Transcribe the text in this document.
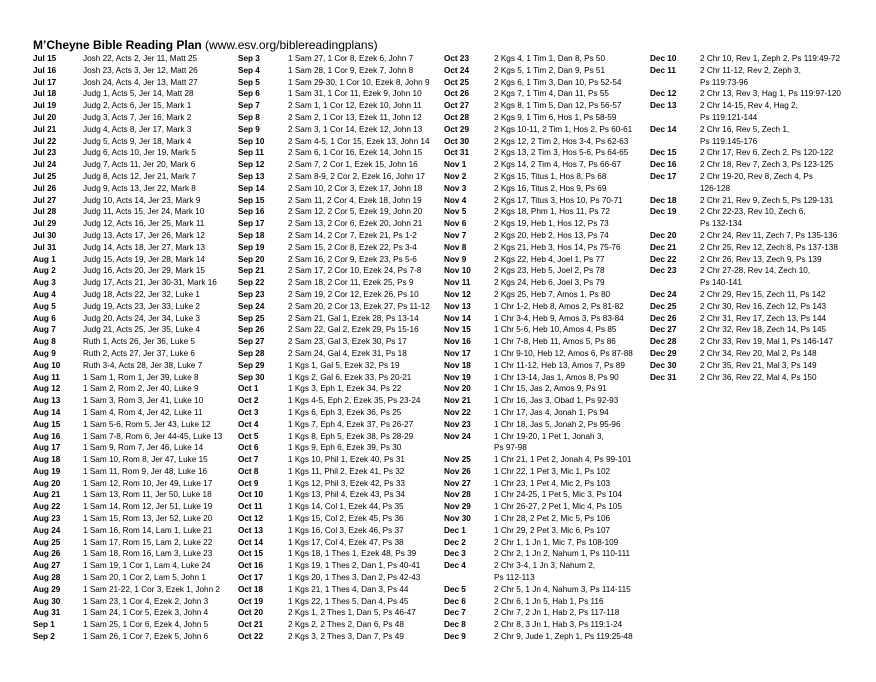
M’Cheyne Bible Reading Plan (www.esv.org/biblereadingplans)
Jul 15	Josh 22, Acts 2, Jer 11, Matt 25
Jul 16	Josh 23, Acts 3, Jer 12, Matt 26
Jul 17	Josh 24, Acts 4, Jer 13, Matt 27
Jul 18	Judg 1, Acts 5, Jer 14, Matt 28
Jul 19	Judg 2, Acts 6, Jer 15, Mark 1
Jul 20	Judg 3, Acts 7, Jer 16, Mark 2
Jul 21	Judg 4, Acts 8, Jer 17, Mark 3
Jul 22	Judg 5, Acts 9, Jer 18, Mark 4
Jul 23	Judg 6, Acts 10, Jer 19, Mark 5
Jul 24	Judg 7, Acts 11, Jer 20, Mark 6
Jul 25	Judg 8, Acts 12, Jer 21, Mark 7
Jul 26	Judg 9, Acts 13, Jer 22, Mark 8
Jul 27	Judg 10, Acts 14, Jer 23, Mark 9
Jul 28	Judg 11, Acts 15, Jer 24, Mark 10
Jul 29	Judg 12, Acts 16, Jer 25, Mark 11
Jul 30	Judg 13, Acts 17, Jer 26, Mark 12
Jul 31	Judg 14, Acts 18, Jer 27, Mark 13
Aug 1	Judg 15, Acts 19, Jer 28, Mark 14
Aug 2	Judg 16, Acts 20, Jer 29, Mark 15
Aug 3	Judg 17, Acts 21, Jer 30-31, Mark 16
Aug 4	Judg 18, Acts 22, Jer 32, Luke 1
Aug 5	Judg 19, Acts 23, Jer 33, Luke 2
Aug 6	Judg 20, Acts 24, Jer 34, Luke 3
Aug 7	Judg 21, Acts 25, Jer 35, Luke 4
Aug 8	Ruth 1, Acts 26, Jer 36, Luke 5
Aug 9	Ruth 2, Acts 27, Jer 37, Luke 6
Aug 10	Ruth 3-4, Acts 28, Jer 38, Luke 7
Aug 11	1 Sam 1, Rom 1, Jer 39, Luke 8
Aug 12	1 Sam 2, Rom 2, Jer 40, Luke 9
Aug 13	1 Sam 3, Rom 3, Jer 41, Luke 10
Aug 14	1 Sam 4, Rom 4, Jer 42, Luke 11
Aug 15	1 Sam 5-6, Rom 5, Jer 43, Luke 12
Aug 16	1 Sam 7-8, Rom 6, Jer 44-45, Luke 13
Aug 17	1 Sam 9, Rom 7, Jer 46, Luke 14
Aug 18	1 Sam 10, Rom 8, Jer 47, Luke 15
Aug 19	1 Sam 11, Rom 9, Jer 48, Luke 16
Aug 20	1 Sam 12, Rom 10, Jer 49, Luke 17
Aug 21	1 Sam 13, Rom 11, Jer 50, Luke 18
Aug 22	1 Sam 14, Rom 12, Jer 51, Luke 19
Aug 23	1 Sam 15, Rom 13, Jer 52, Luke 20
Aug 24	1 Sam 16, Rom 14, Lam 1, Luke 21
Aug 25	1 Sam 17, Rom 15, Lam 2, Luke 22
Aug 26	1 Sam 18, Rom 16, Lam 3, Luke 23
Aug 27	1 Sam 19, 1 Cor 1, Lam 4, Luke 24
Aug 28	1 Sam 20, 1 Cor 2, Lam 5, John 1
Aug 29	1 Sam 21-22, 1 Cor 3, Ezek 1, John 2
Aug 30	1 Sam 23, 1 Cor 4, Ezek 2, John 3
Aug 31	1 Sam 24, 1 Cor 5, Ezek 3, John 4
Sep 1	1 Sam 25, 1 Cor 6, Ezek 4, John 5
Sep 2	1 Sam 26, 1 Cor 7, Ezek 5, John 6
Sep 3	1 Sam 27, 1 Cor 8, Ezek 6, John 7
Sep 4	1 Sam 28, 1 Cor 9, Ezek 7, John 8
Sep 5	1 Sam 29-30, 1 Cor 10, Ezek 8, John 9
Sep 6	1 Sam 31, 1 Cor 11, Ezek 9, John 10
Sep 7	2 Sam 1, 1 Cor 12, Ezek 10, John 11
Sep 8	2 Sam 2, 1 Cor 13, Ezek 11, John 12
Sep 9	2 Sam 3, 1 Cor 14, Ezek 12, John 13
Sep 10	2 Sam 4-5, 1 Cor 15, Ezek 13, John 14
Sep 11	2 Sam 6, 1 Cor 16, Ezek 14, John 15
Sep 12	2 Sam 7, 2 Cor 1, Ezek 15, John 16
Sep 13	2 Sam 8-9, 2 Cor 2, Ezek 16, John 17
Sep 14	2 Sam 10, 2 Cor 3, Ezek 17, John 18
Sep 15	2 Sam 11, 2 Cor 4, Ezek 18, John 19
Sep 16	2 Sam 12, 2 Cor 5, Ezek 19, John 20
Sep 17	2 Sam 13, 2 Cor 6, Ezek 20, John 21
Sep 18	2 Sam 14, 2 Cor 7, Ezek 21, Ps 1-2
Sep 19	2 Sam 15, 2 Cor 8, Ezek 22, Ps 3-4
Sep 20	2 Sam 16, 2 Cor 9, Ezek 23, Ps 5-6
Sep 21	2 Sam 17, 2 Cor 10, Ezek 24, Ps 7-8
Sep 22	2 Sam 18, 2 Cor 11, Ezek 25, Ps 9
Sep 23	2 Sam 19, 2 Cor 12, Ezek 26, Ps 10
Sep 24	2 Sam 20, 2 Cor 13, Ezek 27, Ps 11-12
Sep 25	2 Sam 21, Gal 1, Ezek 28, Ps 13-14
Sep 26	2 Sam 22, Gal 2, Ezek 29, Ps 15-16
Sep 27	2 Sam 23, Gal 3, Ezek 30, Ps 17
Sep 28	2 Sam 24, Gal 4, Ezek 31, Ps 18
Sep 29	1 Kgs 1, Gal 5, Ezek 32, Ps 19
Sep 30	1 Kgs 2, Gal 6, Ezek 33, Ps 20-21
Oct 1	1 Kgs 3, Eph 1, Ezek 34, Ps 22
Oct 2	1 Kgs 4-5, Eph 2, Ezek 35, Ps 23-24
Oct 3	1 Kgs 6, Eph 3, Ezek 36, Ps 25
Oct 4	1 Kgs 7, Eph 4, Ezek 37, Ps 26-27
Oct 5	1 Kgs 8, Eph 5, Ezek 38, Ps 28-29
Oct 6	1 Kgs 9, Eph 6, Ezek 39, Ps 30
Oct 7	1 Kgs 10, Phil 1, Ezek 40, Ps 31
Oct 8	1 Kgs 11, Phil 2, Ezek 41, Ps 32
Oct 9	1 Kgs 12, Phil 3, Ezek 42, Ps 33
Oct 10	1 Kgs 13, Phil 4, Ezek 43, Ps 34
Oct 11	1 Kgs 14, Col 1, Ezek 44, Ps 35
Oct 12	1 Kgs 15, Col 2, Ezek 45, Ps 36
Oct 13	1 Kgs 16, Col 3, Ezek 46, Ps 37
Oct 14	1 Kgs 17, Col 4, Ezek 47, Ps 38
Oct 15	1 Kgs 18, 1 Thes 1, Ezek 48, Ps 39
Oct 16	1 Kgs 19, 1 Thes 2, Dan 1, Ps 40-41
Oct 17	1 Kgs 20, 1 Thes 3, Dan 2, Ps 42-43
Oct 18	1 Kgs 21, 1 Thes 4, Dan 3, Ps 44
Oct 19	1 Kgs 22, 1 Thes 5, Dan 4, Ps 45
Oct 20	2 Kgs 1, 2 Thes 1, Dan 5, Ps 46-47
Oct 21	2 Kgs 2, 2 Thes 2, Dan 6, Ps 48
Oct 22	2 Kgs 3, 2 Thes 3, Dan 7, Ps 49
Oct 23	2 Kgs 4, 1 Tim 1, Dan 8, Ps 50
Oct 24	2 Kgs 5, 1 Tim 2, Dan 9, Ps 51
Oct 25	2 Kgs 6, 1 Tim 3, Dan 10, Ps 52-54
Oct 26	2 Kgs 7, 1 Tim 4, Dan 11, Ps 55
Oct 27	2 Kgs 8, 1 Tim 5, Dan 12, Ps 56-57
Oct 28	2 Kgs 9, 1 Tim 6, Hos 1, Ps 58-59
Oct 29	2 Kgs 10-11, 2 Tim 1, Hos 2, Ps 60-61
Oct 30	2 Kgs 12, 2 Tim 2, Hos 3-4, Ps 62-63
Oct 31	2 Kgs 13, 2 Tim 3, Hos 5-6, Ps 64-65
Nov 1	2 Kgs 14, 2 Tim 4, Hos 7, Ps 66-67
Nov 2	2 Kgs 15, Titus 1, Hos 8, Ps 68
Nov 3	2 Kgs 16, Titus 2, Hos 9, Ps 69
Nov 4	2 Kgs 17, Titus 3, Hos 10, Ps 70-71
Nov 5	2 Kgs 18, Phm 1, Hos 11, Ps 72
Nov 6	2 Kgs 19, Heb 1, Hos 12, Ps 73
Nov 7	2 Kgs 20, Heb 2, Hos 13, Ps 74
Nov 8	2 Kgs 21, Heb 3, Hos 14, Ps 75-76
Nov 9	2 Kgs 22, Heb 4, Joel 1, Ps 77
Nov 10	2 Kgs 23, Heb 5, Joel 2, Ps 78
Nov 11	2 Kgs 24, Heb 6, Joel 3, Ps 79
Nov 12	2 Kgs 25, Heb 7, Amos 1, Ps 80
Nov 13	1 Chr 1-2, Heb 8, Amos 2, Ps 81-82
Nov 14	1 Chr 3-4, Heb 9, Amos 3, Ps 83-84
Nov 15	1 Chr 5-6, Heb 10, Amos 4, Ps 85
Nov 16	1 Chr 7-8, Heb 11, Amos 5, Ps 86
Nov 17	1 Chr 9-10, Heb 12, Amos 6, Ps 87-88
Nov 18	1 Chr 11-12, Heb 13, Amos 7, Ps 89
Nov 19	1 Chr 13-14, Jas 1, Amos 8, Ps 90
Nov 20	1 Chr 15, Jas 2, Amos 9, Ps 91
Nov 21	1 Chr 16, Jas 3, Obad 1, Ps 92-93
Nov 22	1 Chr 17, Jas 4, Jonah 1, Ps 94
Nov 23	1 Chr 18, Jas 5, Jonah 2, Ps 95-96
Nov 24	1 Chr 19-20, 1 Pet 1, Jonah 3,
Ps 97-98
Nov 25	1 Chr 21, 1 Pet 2, Jonah 4, Ps 99-101
Nov 26	1 Chr 22, 1 Pet 3, Mic 1, Ps 102
Nov 27	1 Chr 23, 1 Pet 4, Mic 2, Ps 103
Nov 28	1 Chr 24-25, 1 Pet 5, Mic 3, Ps 104
Nov 29	1 Chr 26-27, 2 Pet 1, Mic 4, Ps 105
Nov 30	1 Chr 28, 2 Pet 2, Mic 5, Ps 106
Dec 1	1 Chr 29, 2 Pet 3, Mic 6, Ps 107
Dec 2	2 Chr 1, 1 Jn 1, Mic 7, Ps 108-109
Dec 3	2 Chr 2, 1 Jn 2, Nahum 1, Ps 110-111
Dec 4	2 Chr 3-4, 1 Jn 3, Nahum 2,
Ps 112-113
Dec 5	2 Chr 5, 1 Jn 4, Nahum 3, Ps 114-115
Dec 6	2 Chr 6, 1 Jn 5, Hab 1, Ps 116
Dec 7	2 Chr 7, 2 Jn 1, Hab 2, Ps 117-118
Dec 8	2 Chr 8, 3 Jn 1, Hab 3, Ps 119:1-24
Dec 9	2 Chr 9, Jude 1, Zeph 1, Ps 119:25-48
Dec 10	2 Chr 10, Rev 1, Zeph 2, Ps 119:49-72
Dec 11	2 Chr 11-12, Rev 2, Zeph 3,
Ps 119:73-96
Dec 12	2 Chr 13, Rev 3, Hag 1, Ps 119:97-120
Dec 13	2 Chr 14-15, Rev 4, Hag 2,
Ps 119:121-144
Dec 14	2 Chr 16, Rev 5, Zech 1,
Ps 119:145-176
Dec 15	2 Chr 17, Rev 6, Zech 2, Ps 120-122
Dec 16	2 Chr 18, Rev 7, Zech 3, Ps 123-125
Dec 17	2 Chr 19-20, Rev 8, Zech 4, Ps
126-128
Dec 18	2 Chr 21, Rev 9, Zech 5, Ps 129-131
Dec 19	2 Chr 22-23, Rev 10, Zech 6,
Ps 132-134
Dec 20	2 Chr 24, Rev 11, Zech 7, Ps 135-136
Dec 21	2 Chr 25, Rev 12, Zech 8, Ps 137-138
Dec 22	2 Chr 26, Rev 13, Zech 9, Ps 139
Dec 23	2 Chr 27-28, Rev 14, Zech 10,
Ps 140-141
Dec 24	2 Chr 29, Rev 15, Zech 11, Ps 142
Dec 25	2 Chr 30, Rev 16, Zech 12, Ps 143
Dec 26	2 Chr 31, Rev 17, Zech 13, Ps 144
Dec 27	2 Chr 32, Rev 18, Zech 14, Ps 145
Dec 28	2 Chr 33, Rev 19, Mal 1, Ps 146-147
Dec 29	2 Chr 34, Rev 20, Mal 2, Ps 148
Dec 30	2 Chr 35, Rev 21, Mal 3, Ps 149
Dec 31	2 Chr 36, Rev 22, Mal 4, Ps 150
